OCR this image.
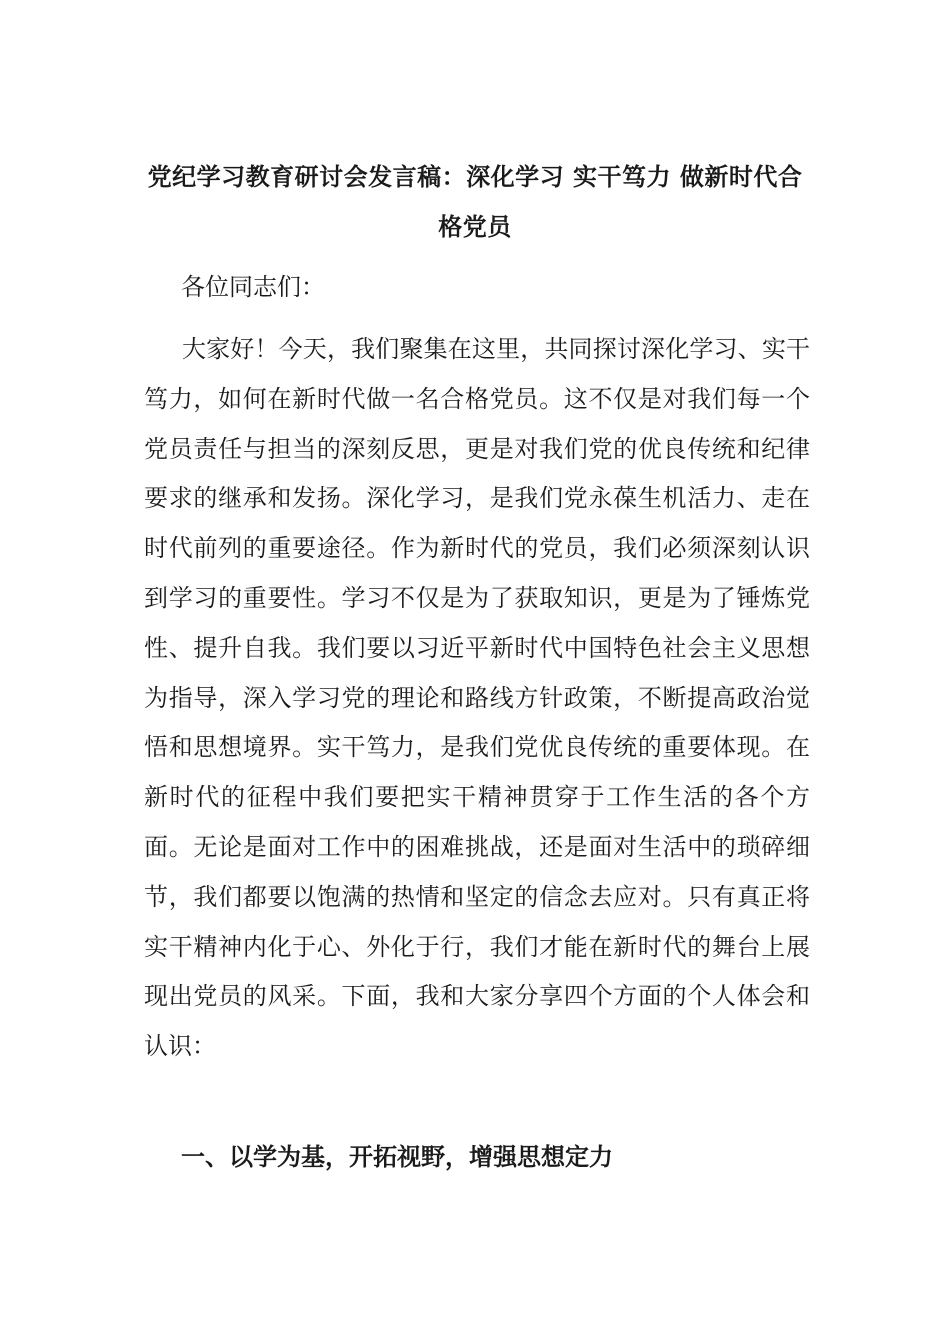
党纪学习教育研讨会发言稿：深化学习 实干笃力 做新时代合格党员
各位同志们：

大家好！今天，我们聚集在这里，共同探讨深化学习、实干笃力，如何在新时代做一名合格党员。这不仅是对我们每一个党员责任与担当的深刻反思，更是对我们党的优良传统和纪律要求的继承和发扬。深化学习，是我们党永葆生机活力、走在时代前列的重要途径。作为新时代的党员，我们必须深刻认识到学习的重要性。学习不仅是为了获取知识，更是为了锤炼党性、提升自我。我们要以习近平新时代中国特色社会主义思想为指导，深入学习党的理论和路线方针政策，不断提高政治觉悟和思想境界。实干笃力，是我们党优良传统的重要体现。在新时代的征程中我们要把实干精神贯穿于工作生活的各个方面。无论是面对工作中的困难挑战，还是面对生活中的琐碎细节，我们都要以饱满的热情和坚定的信念去应对。只有真正将实干精神内化于心、外化于行，我们才能在新时代的舞台上展现出党员的风采。下面，我和大家分享四个方面的个人体会和认识：

一、以学为基，开拓视野，增强思想定力
